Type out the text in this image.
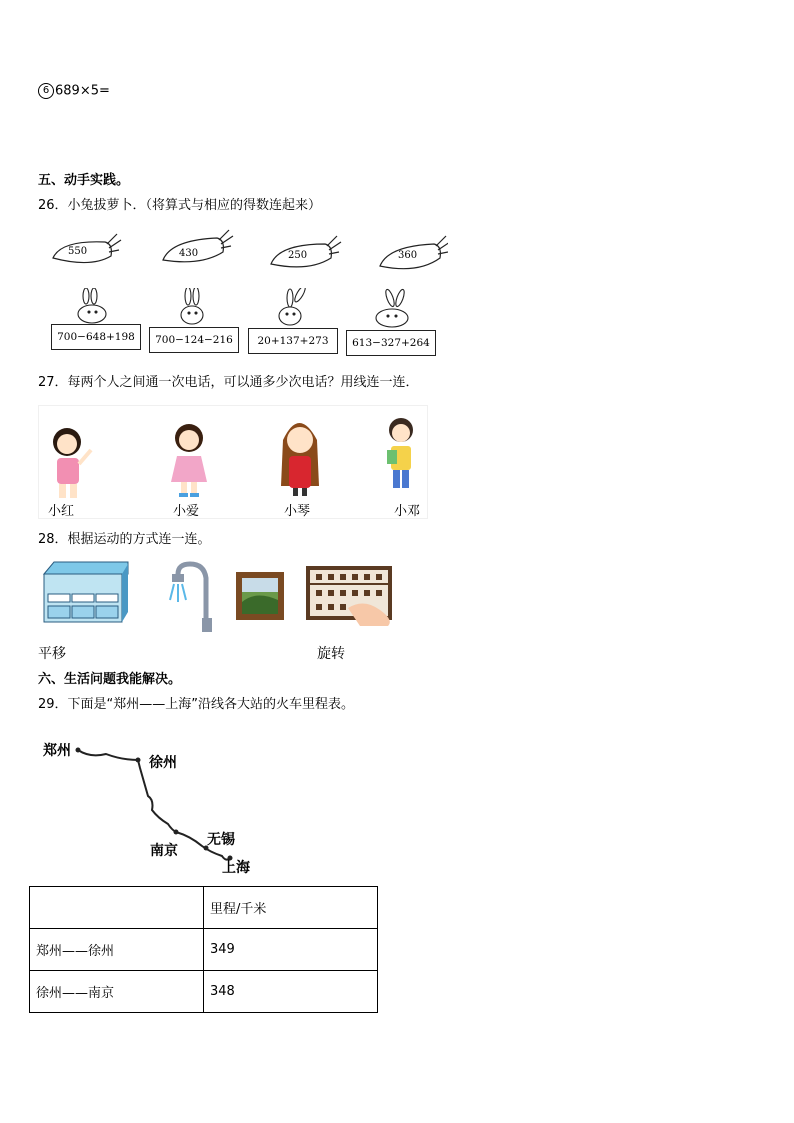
6 689×5=
五、动手实践。
26．小兔拔萝卜．（将算式与相应的得数连起来）
550	430	250	360
700−648+198	700−124−216	20+137+273	613−327+264
27．每两个人之间通一次电话，可以通多少次电话？用线连一连．
小红	小爱	小琴	小邓
28．根据运动的方式连一连。
平移	旋转
六、生活问题我能解决。
29．下面是“郑州——上海”沿线各大站的火车里程表。
郑州
徐州
南京
无锡
上海
	里程/千米
郑州——徐州	349
徐州——南京	348
